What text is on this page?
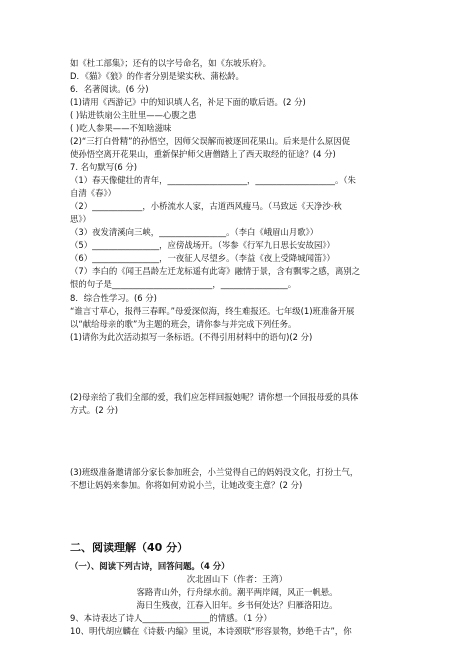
如《杜工部集》；还有的以字号命名，如《东坡乐府》。
D．《猫》《狼》的作者分别是梁实秋、蒲松龄。
6．名著阅读。(6 分)
(1)请用《西游记》中的知识填人名，补足下面的歇后语。(2 分)
( )钻进铁扇公主肚里——心腹之患
( )吃人参果——不知啥滋味
(2)“三打白骨精”的孙悟空，因师父误解而被逐回花果山。后来是什么原因促
使孙悟空离开花果山，重新保护师父唐僧踏上了西天取经的征途？(4 分)
7. 名句默写(6 分)
（1）春天像健壮的青年，___________________，___________________。（朱
自清《春》）
（2）____________，小桥流水人家，古道西风瘦马。（马致远《天净沙·秋
思》）
（3）夜发清溪向三峡，________________。（李白《峨眉山月歌》）
（5）________________，应傍战场开。（岑参《行军九日思长安故园》）
（6）________________，一夜征人尽望乡。（李益《夜上受降城闻笛》）
（7）李白的《闻王昌龄左迁龙标遥有此寄》融情于景，含有飘零之感，离别之
恨的句子是________________________，________________。
8．综合性学习。(6 分)
“谁言寸草心，报得三春晖。”母爱深似海，终生难报还。七年级(1)班准备开展
以“献给母亲的歌”为主题的班会，请你参与并完成下列任务。
(1)请你为此次活动拟写一条标语。(不得引用材料中的语句)(2 分)
(2)母亲给了我们全部的爱，我们应怎样回报她呢？请你想一个回报母爱的具体
方式。(2 分)
(3)班级准备邀请部分家长参加班会，小兰觉得自己的妈妈没文化，打扮土气，
不想让妈妈来参加。你将如何劝说小兰，让她改变主意？(2 分)
二、阅读理解（40 分）
（一）、阅读下列古诗，回答问题。（4 分）
次北固山下（作者：王湾）
客路青山外，行舟绿水前。潮平两岸阔，风正一帆悬。
海日生残夜，江春入旧年。乡书何处达？归雁洛阳边。
9、本诗表达了诗人________________的情感。（1 分）
10、明代胡应麟在《诗薮·内编》里说，本诗颈联“形容景物，妙绝千古”，你
